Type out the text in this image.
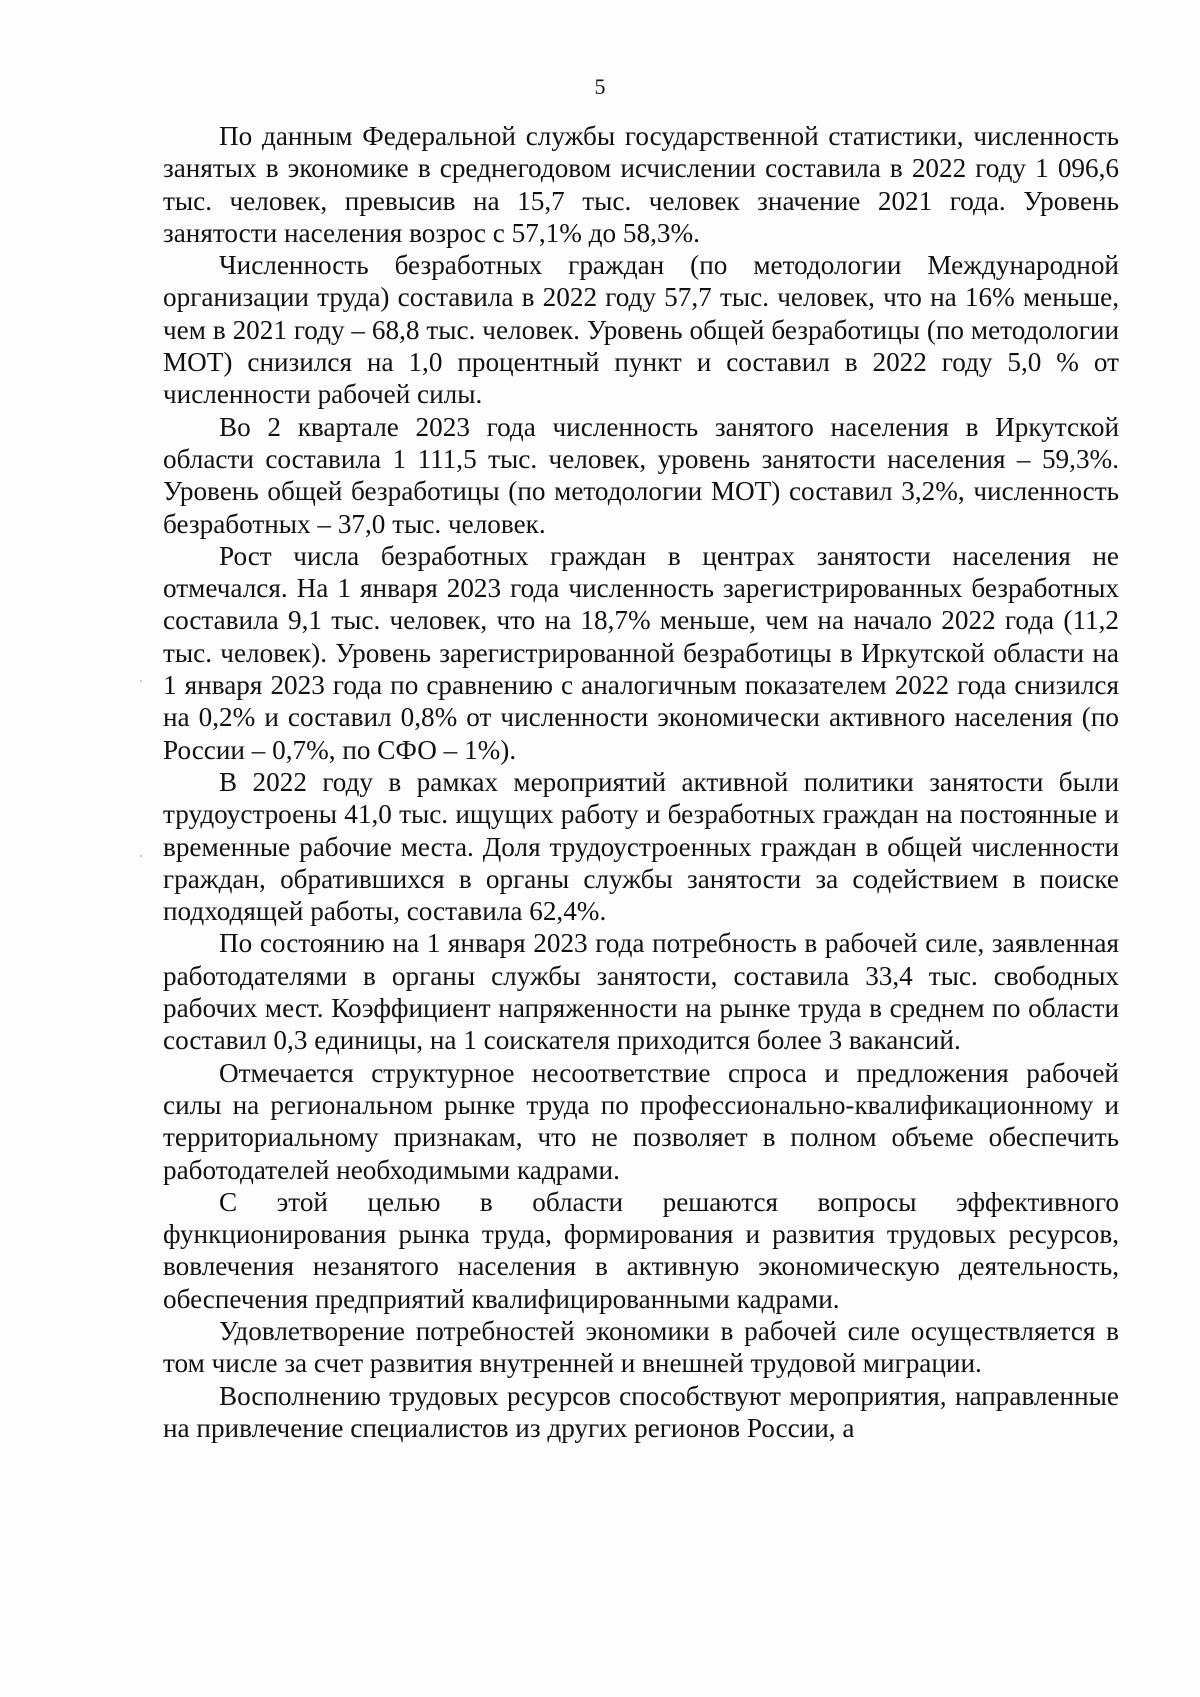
5

По данным Федеральной службы государственной статистики, численность занятых в экономике в среднегодовом исчислении составила в 2022 году 1 096,6 тыс. человек, превысив на 15,7 тыс. человек значение 2021 года. Уровень занятости населения возрос с 57,1% до 58,3%.

Численность безработных граждан (по методологии Международной организации труда) составила в 2022 году 57,7 тыс. человек, что на 16% меньше, чем в 2021 году – 68,8 тыс. человек. Уровень общей безработицы (по методологии МОТ) снизился на 1,0 процентный пункт и составил в 2022 году 5,0 % от численности рабочей силы.

Во 2 квартале 2023 года численность занятого населения в Иркутской области составила 1 111,5 тыс. человек, уровень занятости населения – 59,3%. Уровень общей безработицы (по методологии МОТ) составил 3,2%, численность безработных – 37,0 тыс. человек.

Рост числа безработных граждан в центрах занятости населения не отмечался. На 1 января 2023 года численность зарегистрированных безработных составила 9,1 тыс. человек, что на 18,7% меньше, чем на начало 2022 года (11,2 тыс. человек). Уровень зарегистрированной безработицы в Иркутской области на 1 января 2023 года по сравнению с аналогичным показателем 2022 года снизился на 0,2% и составил 0,8% от численности экономически активного населения (по России – 0,7%, по СФО – 1%).

В 2022 году в рамках мероприятий активной политики занятости были трудоустроены 41,0 тыс. ищущих работу и безработных граждан на постоянные и временные рабочие места. Доля трудоустроенных граждан в общей численности граждан, обратившихся в органы службы занятости за содействием в поиске подходящей работы, составила 62,4%.

По состоянию на 1 января 2023 года потребность в рабочей силе, заявленная работодателями в органы службы занятости, составила 33,4 тыс. свободных рабочих мест. Коэффициент напряженности на рынке труда в среднем по области составил 0,3 единицы, на 1 соискателя приходится более 3 вакансий.

Отмечается структурное несоответствие спроса и предложения рабочей силы на региональном рынке труда по профессионально-квалификационному и территориальному признакам, что не позволяет в полном объеме обеспечить работодателей необходимыми кадрами.

С этой целью в области решаются вопросы эффективного функционирования рынка труда, формирования и развития трудовых ресурсов, вовлечения незанятого населения в активную экономическую деятельность, обеспечения предприятий квалифицированными кадрами.

Удовлетворение потребностей экономики в рабочей силе осуществляется в том числе за счет развития внутренней и внешней трудовой миграции.

Восполнению трудовых ресурсов способствуют мероприятия, направленные на привлечение специалистов из других регионов России, а
